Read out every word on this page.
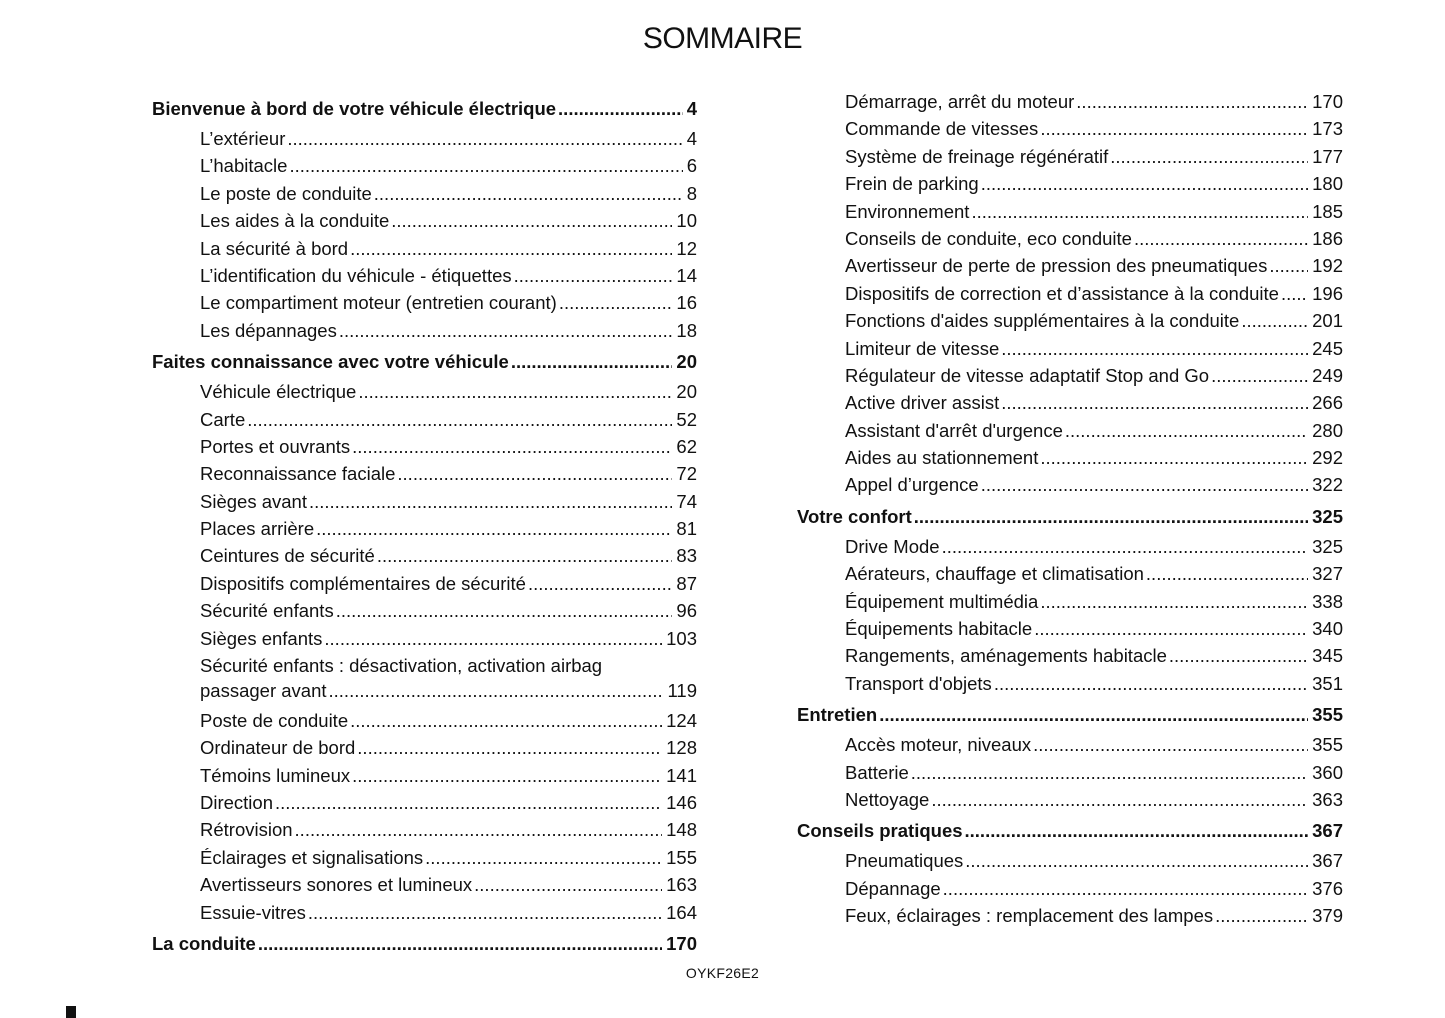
SOMMAIRE
Bienvenue à bord de votre véhicule électrique .....	4
L’extérieur .....	4
L’habitacle .....	6
Le poste de conduite .....	8
Les aides à la conduite .....	10
La sécurité à bord .....	12
L’identification du véhicule - étiquettes .....	14
Le compartiment moteur (entretien courant) .....	16
Les dépannages .....	18
Faites connaissance avec votre véhicule .....	20
Véhicule électrique .....	20
Carte .....	52
Portes et ouvrants .....	62
Reconnaissance faciale .....	72
Sièges avant .....	74
Places arrière .....	81
Ceintures de sécurité .....	83
Dispositifs complémentaires de sécurité .....	87
Sécurité enfants .....	96
Sièges enfants .....	103
Sécurité enfants : désactivation, activation airbag
passager avant .....	119
Poste de conduite .....	124
Ordinateur de bord .....	128
Témoins lumineux .....	141
Direction .....	146
Rétrovision .....	148
Éclairages et signalisations .....	155
Avertisseurs sonores et lumineux .....	163
Essuie-vitres .....	164
La conduite .....	170
Démarrage, arrêt du moteur .....	170
Commande de vitesses .....	173
Système de freinage régénératif .....	177
Frein de parking .....	180
Environnement .....	185
Conseils de conduite, eco conduite .....	186
Avertisseur de perte de pression des pneumatiques ..... 192
Dispositifs de correction et d’assistance à la conduite ..... 196
Fonctions d'aides supplémentaires à la conduite .....	201
Limiteur de vitesse .....	245
Régulateur de vitesse adaptatif Stop and Go .....	249
Active driver assist .....	266
Assistant d'arrêt d'urgence .....	280
Aides au stationnement .....	292
Appel d’urgence .....	322
Votre confort .....	325
Drive Mode .....	325
Aérateurs, chauffage et climatisation .....	327
Équipement multimédia .....	338
Équipements habitacle .....	340
Rangements, aménagements habitacle .....	345
Transport d'objets .....	351
Entretien .....	355
Accès moteur, niveaux .....	355
Batterie .....	360
Nettoyage .....	363
Conseils pratiques .....	367
Pneumatiques .....	367
Dépannage .....	376
Feux, éclairages : remplacement des lampes .....	379
OYKF26E2
